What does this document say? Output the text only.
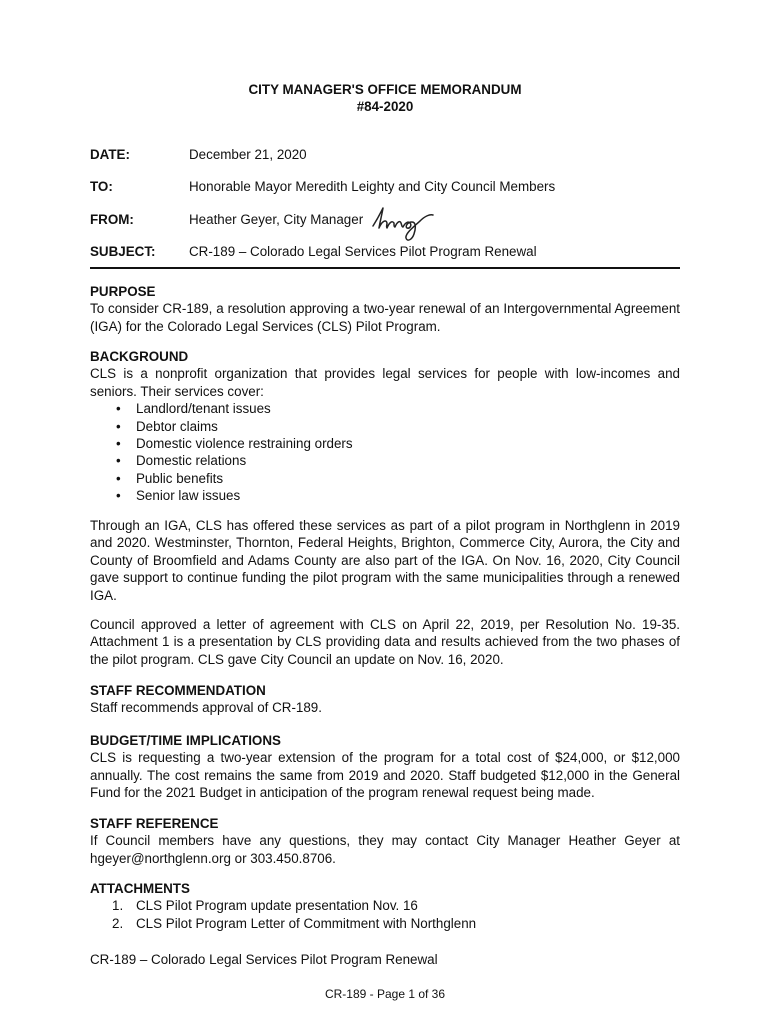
CITY MANAGER'S OFFICE MEMORANDUM
#84-2020
DATE:	December 21, 2020
TO:	Honorable Mayor Meredith Leighty and City Council Members
FROM:	Heather Geyer, City Manager
SUBJECT:	CR-189 – Colorado Legal Services Pilot Program Renewal
PURPOSE

To consider CR-189, a resolution approving a two-year renewal of an Intergovernmental Agreement (IGA) for the Colorado Legal Services (CLS) Pilot Program.

BACKGROUND

CLS is a nonprofit organization that provides legal services for people with low-incomes and seniors. Their services cover:

• Landlord/tenant issues
• Debtor claims
• Domestic violence restraining orders
• Domestic relations
• Public benefits
• Senior law issues

Through an IGA, CLS has offered these services as part of a pilot program in Northglenn in 2019 and 2020. Westminster, Thornton, Federal Heights, Brighton, Commerce City, Aurora, the City and County of Broomfield and Adams County are also part of the IGA. On Nov. 16, 2020, City Council gave support to continue funding the pilot program with the same municipalities through a renewed IGA.

Council approved a letter of agreement with CLS on April 22, 2019, per Resolution No. 19-35. Attachment 1 is a presentation by CLS providing data and results achieved from the two phases of the pilot program. CLS gave City Council an update on Nov. 16, 2020.

STAFF RECOMMENDATION

Staff recommends approval of CR-189.

BUDGET/TIME IMPLICATIONS

CLS is requesting a two-year extension of the program for a total cost of $24,000, or $12,000 annually. The cost remains the same from 2019 and 2020. Staff budgeted $12,000 in the General Fund for the 2021 Budget in anticipation of the program renewal request being made.

STAFF REFERENCE

If Council members have any questions, they may contact City Manager Heather Geyer at hgeyer@northglenn.org or 303.450.8706.

ATTACHMENTS
1. CLS Pilot Program update presentation Nov. 16
2. CLS Pilot Program Letter of Commitment with Northglenn
CR-189 – Colorado Legal Services Pilot Program Renewal
CR-189 - Page 1 of 36
